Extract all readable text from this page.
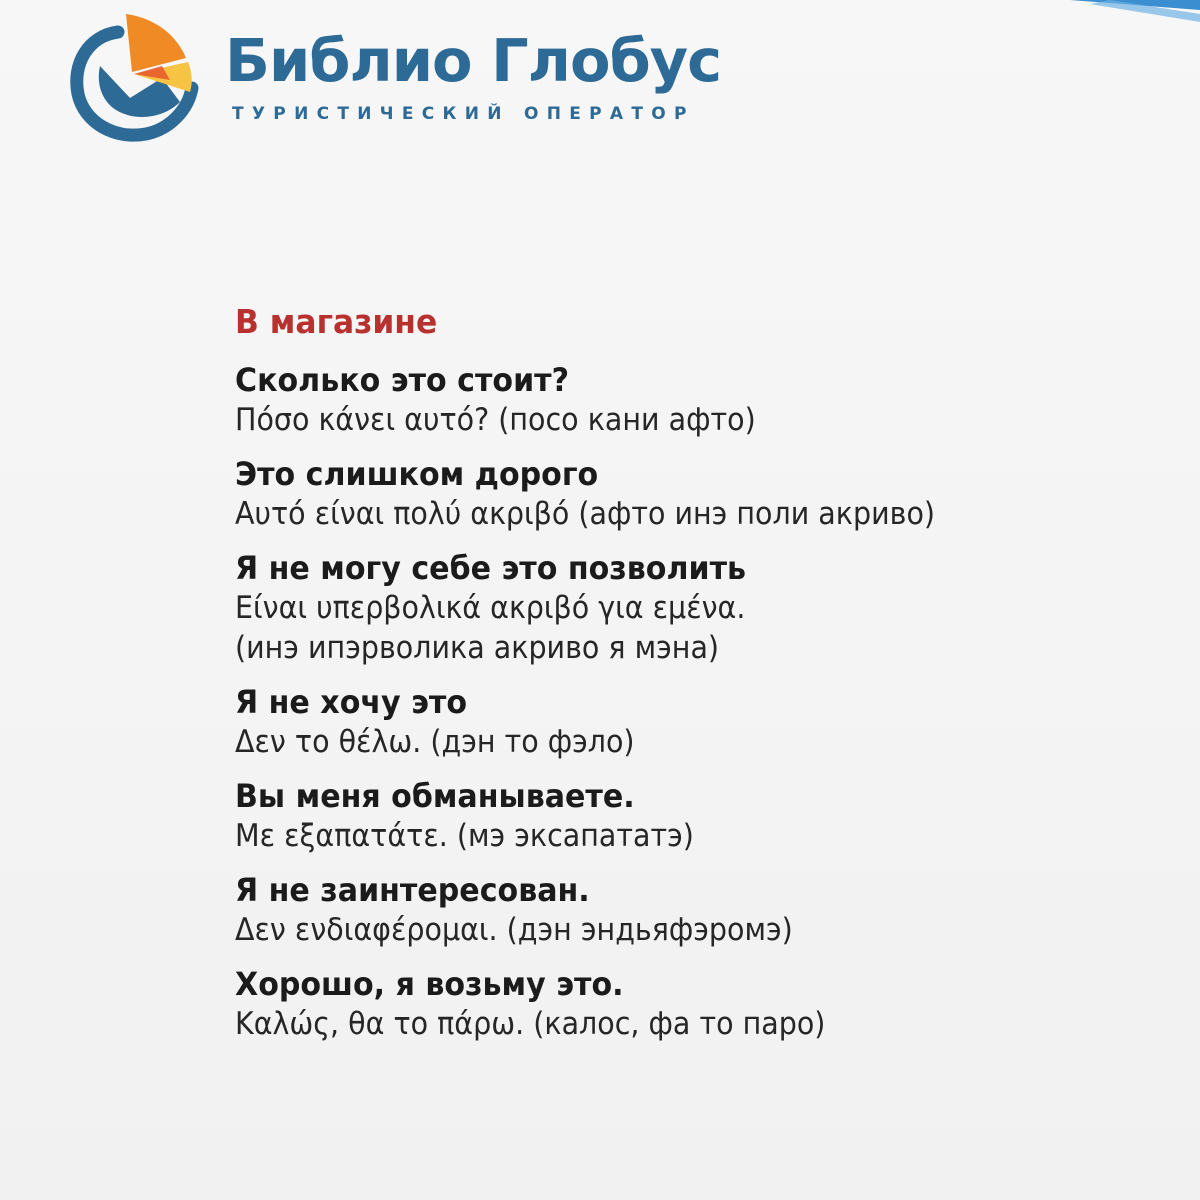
Библио Глобус
ТУРИСТИЧЕСКИЙ ОПЕРАТОР
В магазине
Сколько это стоит?
Πόσο κάνει αυτό? (посо кани афто)
Это слишком дорого
Αυτό είναι πολύ ακριβό (афто инэ поли акриво)
Я не могу себе это позволить
Είναι υπερβολικά ακριβό για εμένα.
(инэ ипэрволика акриво я мэна)
Я не хочу это
Δεν το θέλω. (дэн то фэло)
Вы меня обманываете.
Με εξαπατάτε. (мэ эксапататэ)
Я не заинтересован.
Δεν ενδιαφέρομαι. (дэн эндьяфэромэ)
Хорошо, я возьму это.
Καλώς, θα το πάρω. (калос, фа то паро)
